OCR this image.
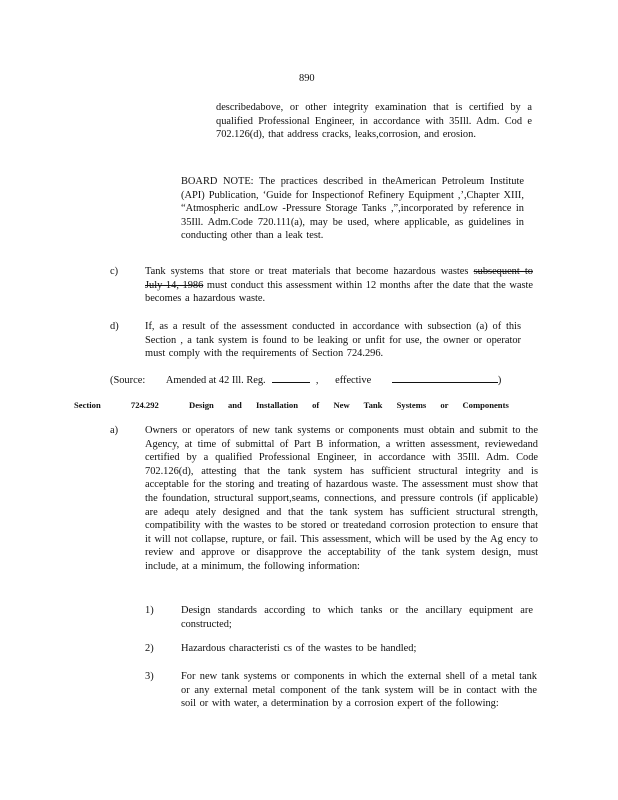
890
describedabove, or other integrity examination that is certified by a qualified Professional Engineer, in accordance with 35Ill. Adm. Cod e 702.126(d), that address cracks, leaks,corrosion, and erosion.
BOARD NOTE: The practices described in theAmerican Petroleum Institute (API) Publication, ‘Guide for Inspectionof Refinery Equipment ,’,Chapter XIII, “Atmospheric andLow -Pressure Storage Tanks ,”,incorporated by reference in 35Ill. Adm.Code 720.111(a), may be used, where applicable, as guidelines in conducting other than a leak test.
c)	Tank systems that store or treat materials that become hazardous wastes subsequent to July 14, 1986 must conduct this assessment within 12 months after the date that the waste becomes a hazardous waste.
d)	If, as a result of the assessment conducted in accordance with subsection (a) of this Section , a tank system is found to be leaking or unfit for use, the owner or operator must comply with the requirements of Section 724.296.
(Source: Amended at 42 Ill. Reg.	, effective	)
Section	724.292	Design and Installation of New Tank Systems or Components
a)	Owners or operators of new tank systems or components must obtain and submit to the Agency, at time of submittal of Part B information, a written assessment, reviewedand certified by a qualified Professional Engineer, in accordance with 35Ill. Adm. Code 702.126(d), attesting that the tank system has sufficient structural integrity and is acceptable for the storing and treating of hazardous waste. The assessment must show that the foundation, structural support,seams, connections, and pressure controls (if applicable) are adequ ately designed and that the tank system has sufficient structural strength, compatibility with the wastes to be stored or treatedand corrosion protection to ensure that it will not collapse, rupture, or fail. This assessment, which will be used by the Ag ency to review and approve or disapprove the acceptability of the tank system design, must include, at a minimum, the following information:
1)	Design standards according to which tanks or the ancillary equipment are constructed;
2)	Hazardous characteristi cs of the wastes to be handled;
3)	For new tank systems or components in which the external shell of a metal tank or any external metal component of the tank system will be in contact with the soil or with water, a determination by a corrosion expert of the following:
